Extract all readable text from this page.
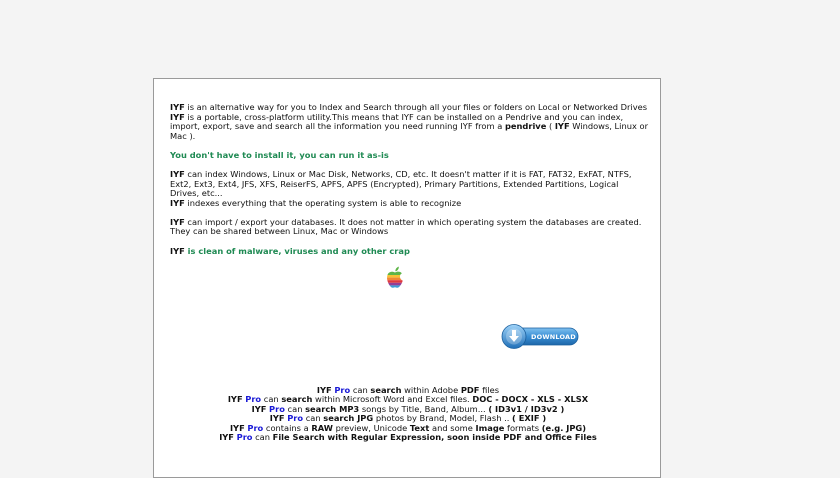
IYF is an alternative way for you to Index and Search through all your files or folders on Local or Networked Drives
IYF is a portable, cross-platform utility.This means that IYF can be installed on a Pendrive and you can index, import, export, save and search all the information you need running IYF from a pendrive ( IYF Windows, Linux or Mac ).

You don't have to install it, you can run it as-is

IYF can index Windows, Linux or Mac Disk, Networks, CD, etc. It doesn't matter if it is FAT, FAT32, ExFAT, NTFS, Ext2, Ext3, Ext4, JFS, XFS, ReiserFS, APFS, APFS (Encrypted), Primary Partitions, Extended Partitions, Logical Drives, etc...
IYF indexes everything that the operating system is able to recognize

IYF can import / export your databases. It does not matter in which operating system the databases are created. They can be shared between Linux, Mac or Windows

IYF is clean of malware, viruses and any other crap

DOWNLOAD
IYF Pro can search within Adobe PDF files
IYF Pro can search within Microsoft Word and Excel files. DOC - DOCX - XLS - XLSX
IYF Pro can search MP3 songs by Title, Band, Album... ( ID3v1 / ID3v2 )
IYF Pro can search JPG photos by Brand, Model, Flash .. ( EXIF )
IYF Pro contains a RAW preview, Unicode Text and some Image formats (e.g. JPG)
IYF Pro can File Search with Regular Expression, soon inside PDF and Office Files
